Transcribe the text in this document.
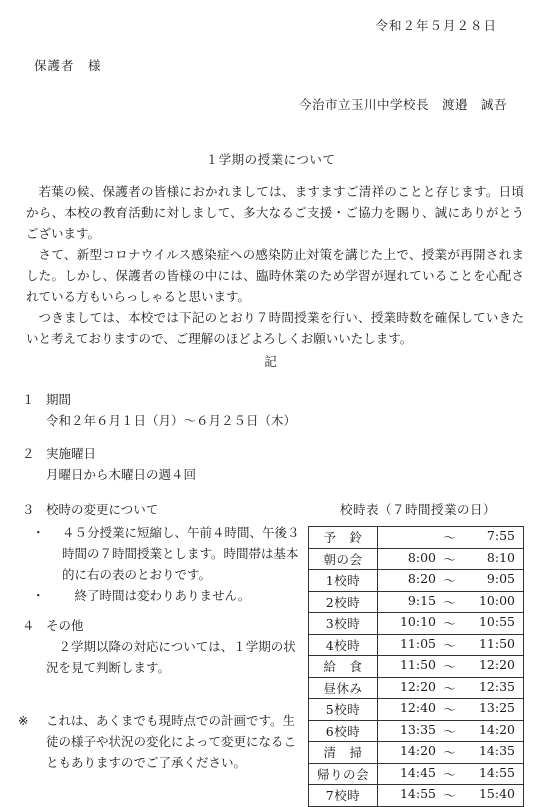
令和２年５月２８日
保護者　様
今治市立玉川中学校長　渡邉　誠吾
１学期の授業について

若葉の候、保護者の皆様におかれましては、ますますご清祥のことと存じます。日頃から、本校の教育活動に対しまして、多大なるご支援・ご協力を賜り、誠にありがとうございます。

さて、新型コロナウイルス感染症への感染防止対策を講じた上で、授業が再開されました。しかし、保護者の皆様の中には、臨時休業のため学習が遅れていることを心配されている方もいらっしゃると思います。

つきましては、本校では下記のとおり７時間授業を行い、授業時数を確保していきたいと考えておりますので、ご理解のほどよろしくお願いいたします。

記
１ 期間
令和２年６月１日（月）～６月２５日（木）
２ 実施曜日
月曜日から木曜日の週４回
３ 校時の変更について
・	４５分授業に短縮し、午前４時間、午後３時間の７時間授業とします。時間帯は基本的に右の表のとおりです。
・	　終了時間は変わりありません。
４ その他
２学期以降の対応については、１学期の状況を見て判断します。
※	これは、あくまでも現時点での計画です。生徒の様子や状況の変化によって変更になることもありますのでご了承ください。
校時表（７時間授業の日）
予　鈴	～ 7:55

朝の会	8:00 ～ 8:10

1校時	8:20 ～ 9:05

2校時	9:15 ～ 10:00

3校時	10:10 ～ 10:55

4校時	11:05 ～ 11:50

給　食	11:50 ～ 12:20

昼休み	12:20 ～ 12:35

5校時	12:40 ～ 13:25

6校時	13:35 ～ 14:20

清　掃	14:20 ～ 14:35

帰りの会	14:45 ～ 14:55

7校時	14:55 ～ 15:40
